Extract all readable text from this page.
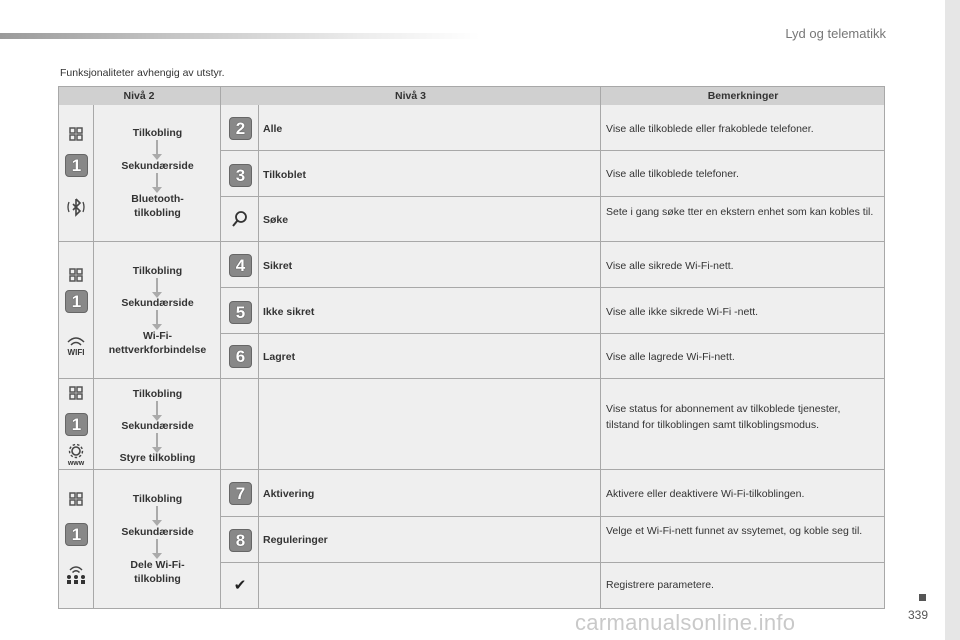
Lyd og telematikk
339
carmanualsonline.info
Funksjonaliteter avhengig av utstyr.
Nivå 2	Nivå 3	Bemerkninger
1
1
WIFI
1
www
1
Tilkobling
Sekundærside
Bluetooth-
tilkobling
Tilkobling
Sekundærside
Wi-Fi-
nettverkforbindelse
Tilkobling
Sekundærside
Styre tilkobling
Tilkobling
Sekundærside
Dele Wi-Fi-
tilkobling
2
3
4
5
6
7
8
✔
Alle
Tilkoblet
Søke
Sikret
Ikke sikret
Lagret
Aktivering
Reguleringer
Vise alle tilkoblede eller frakoblede telefoner.
Vise alle tilkoblede telefoner.
Sete i gang søke tter en ekstern enhet som kan kobles til.
Vise alle sikrede Wi-Fi-nett.
Vise alle ikke sikrede Wi-Fi -nett.
Vise alle lagrede Wi-Fi-nett.
Vise status for abonnement av tilkoblede tjenester, tilstand for tilkoblingen samt tilkoblingsmodus.
Aktivere eller deaktivere Wi-Fi-tilkoblingen.
Velge et Wi-Fi-nett funnet av ssytemet, og koble seg til.
Registrere parametere.
